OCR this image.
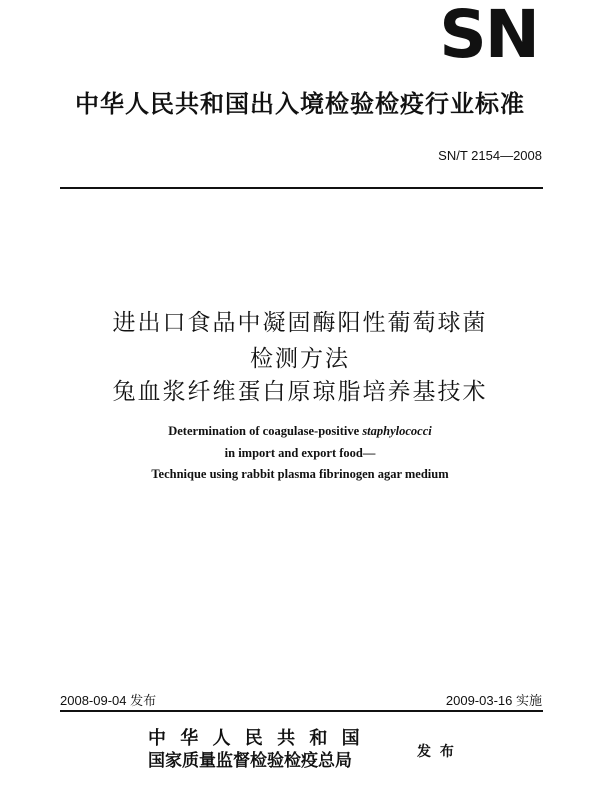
SN
中华人民共和国出入境检验检疫行业标准
SN/T 2154—2008
进出口食品中凝固酶阳性葡萄球菌
检测方法
兔血浆纤维蛋白原琼脂培养基技术
Determination of coagulase-positive staphylococci
in import and export food—
Technique using rabbit plasma fibrinogen agar medium
2008-09-04 发布	2009-03-16 实施
中 华 人 民 共 和 国
国家质量监督检验检疫总局	发 布
